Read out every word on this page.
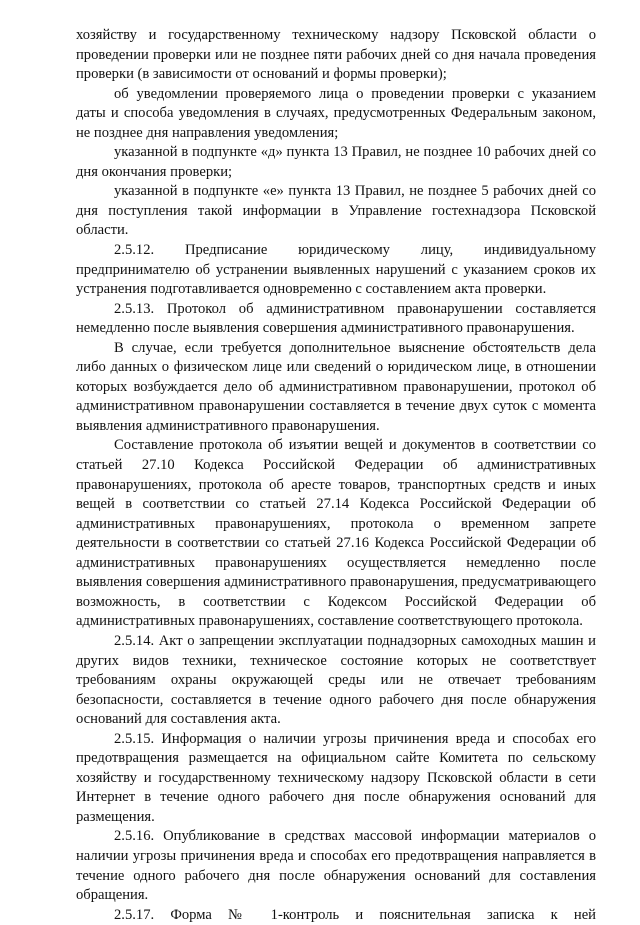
хозяйству и государственному техническому надзору Псковской области о проведении проверки или не позднее пяти рабочих дней со дня начала проведения проверки (в зависимости от оснований и формы проверки);

об уведомлении проверяемого лица о проведении проверки с указанием даты и способа уведомления в случаях, предусмотренных Федеральным законом, не позднее дня направления уведомления;

указанной в подпункте «д» пункта 13 Правил, не позднее 10 рабочих дней со дня окончания проверки;

указанной в подпункте «е» пункта 13 Правил, не позднее 5 рабочих дней со дня поступления такой информации в Управление гостехнадзора Псковской области.

2.5.12. Предписание юридическому лицу, индивидуальному предпринимателю об устранении выявленных нарушений с указанием сроков их устранения подготавливается одновременно с составлением акта проверки.

2.5.13. Протокол об административном правонарушении составляется немедленно после выявления совершения административного правонарушения.

В случае, если требуется дополнительное выяснение обстоятельств дела либо данных о физическом лице или сведений о юридическом лице, в отношении которых возбуждается дело об административном правонарушении, протокол об административном правонарушении составляется в течение двух суток с момента выявления административного правонарушения.

Составление протокола об изъятии вещей и документов в соответствии со статьей 27.10 Кодекса Российской Федерации об административных правонарушениях, протокола об аресте товаров, транспортных средств и иных вещей в соответствии со статьей 27.14 Кодекса Российской Федерации об административных правонарушениях, протокола о временном запрете деятельности в соответствии со статьей 27.16 Кодекса Российской Федерации об административных правонарушениях осуществляется немедленно после выявления совершения административного правонарушения, предусматривающего возможность, в соответствии с Кодексом Российской Федерации об административных правонарушениях, составление соответствующего протокола.

2.5.14. Акт о запрещении эксплуатации поднадзорных самоходных машин и других видов техники, техническое состояние которых не соответствует требованиям охраны окружающей среды или не отвечает требованиям безопасности, составляется в течение одного рабочего дня после обнаружения оснований для составления акта.

2.5.15. Информация о наличии угрозы причинения вреда и способах его предотвращения размещается на официальном сайте Комитета по сельскому хозяйству и государственному техническому надзору Псковской области в сети Интернет в течение одного рабочего дня после обнаружения оснований для размещения.

2.5.16. Опубликование в средствах массовой информации материалов о наличии угрозы причинения вреда и способах его предотвращения направляется в течение одного рабочего дня после обнаружения оснований для составления обращения.

2.5.17. Форма № 1-контроль и пояснительная записка к ней
